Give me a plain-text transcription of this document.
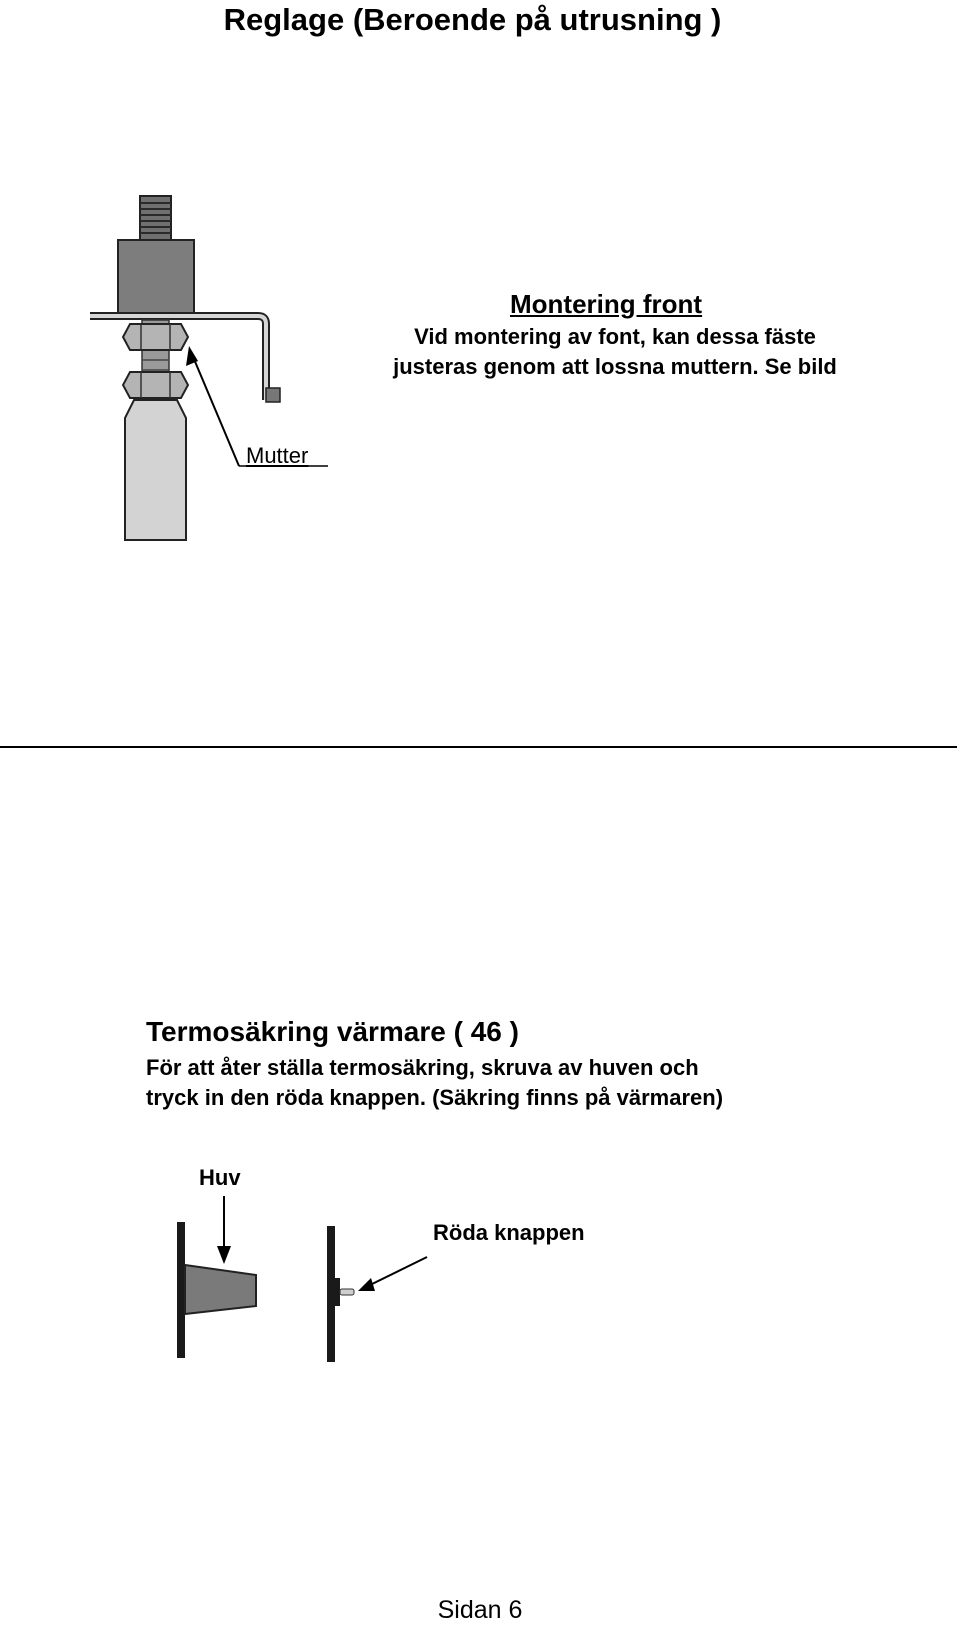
Reglage (Beroende på utrusning )
Montering front
Vid montering av font, kan dessa fäste
justeras genom att lossna muttern. Se bild
Mutter
Termosäkring värmare ( 46 )
För att åter ställa termosäkring, skruva av huven och
tryck in den röda knappen. (Säkring finns på värmaren)
Huv
Röda knappen
Sidan 6
